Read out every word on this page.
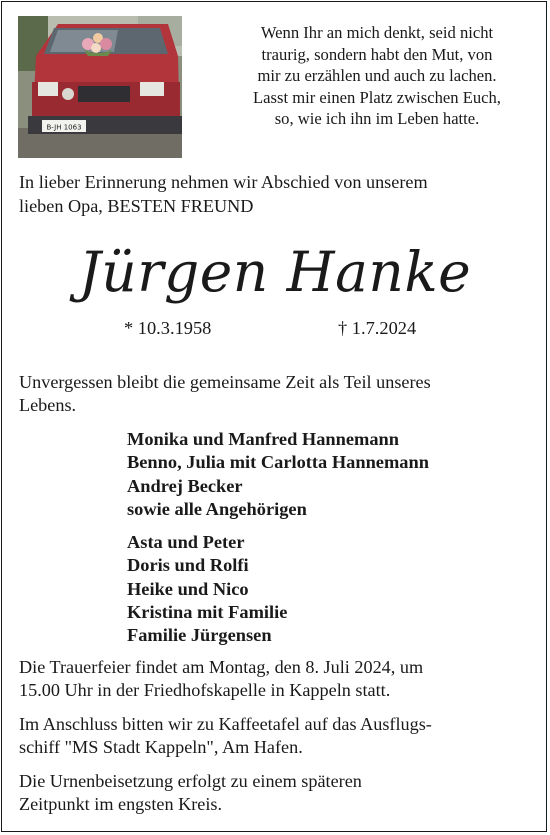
B-JH 1063
Wenn Ihr an mich denkt, seid nicht
traurig, sondern habt den Mut, von
mir zu erzählen und auch zu lachen.
Lasst mir einen Platz zwischen Euch,
so, wie ich ihn im Leben hatte.
In lieber Erinnerung nehmen wir Abschied von unserem
lieben Opa, BESTEN FREUND
Jürgen Hanke
* 10.3.1958	† 1.7.2024
Unvergessen bleibt die gemeinsame Zeit als Teil unseres
Lebens.
Monika und Manfred Hannemann
Benno, Julia mit Carlotta Hannemann
Andrej Becker
sowie alle Angehörigen
Asta und Peter
Doris und Rolfi
Heike und Nico
Kristina mit Familie
Familie Jürgensen
Die Trauerfeier findet am Montag, den 8. Juli 2024, um
15.00 Uhr in der Friedhofskapelle in Kappeln statt.
Im Anschluss bitten wir zu Kaffeetafel auf das Ausflugs-
schiff "MS Stadt Kappeln", Am Hafen.
Die Urnenbeisetzung erfolgt zu einem späteren
Zeitpunkt im engsten Kreis.
